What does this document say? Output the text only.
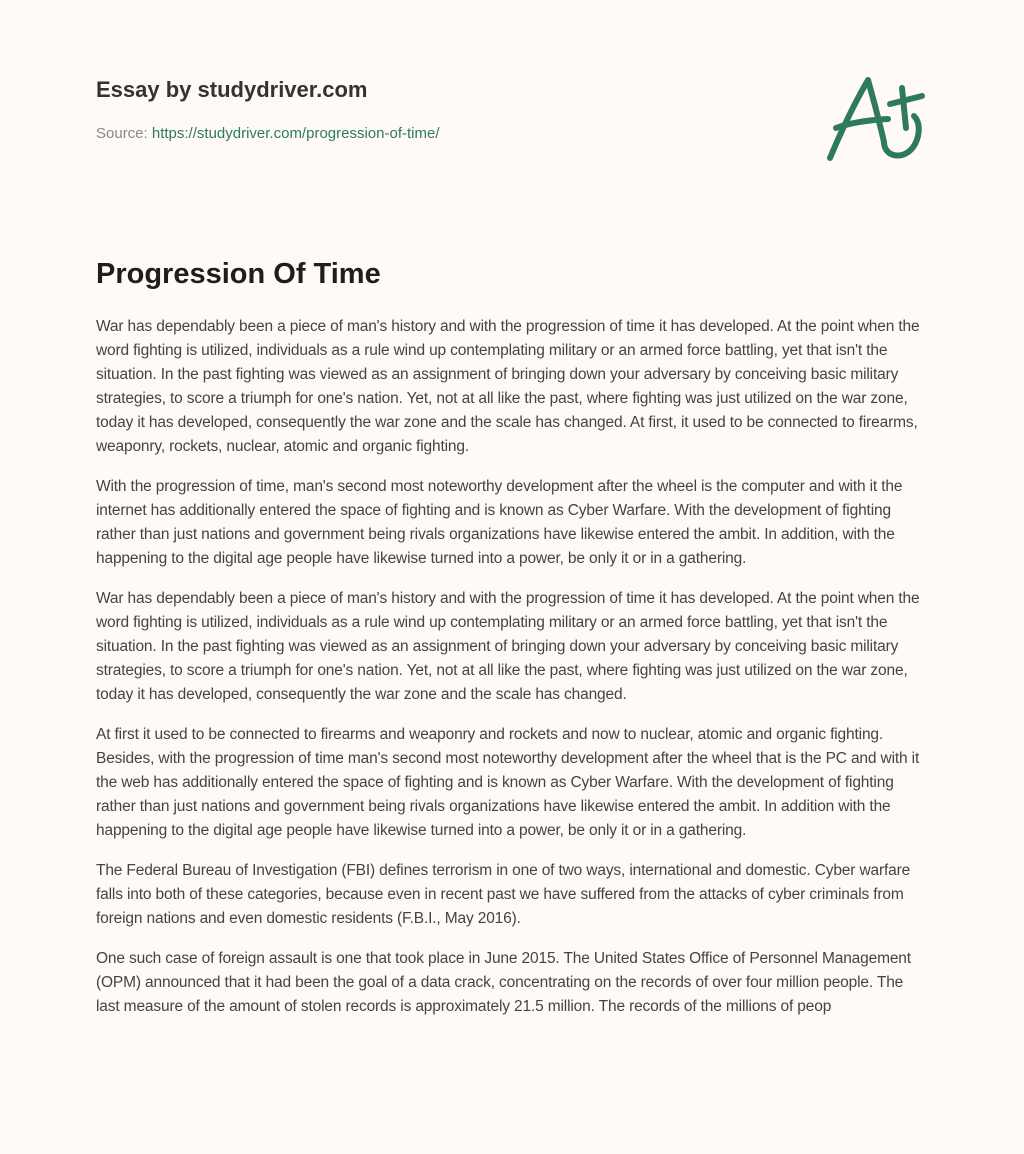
Essay by studydriver.com
Source: https://studydriver.com/progression-of-time/
Progression Of Time

War has dependably been a piece of man's history and with the progression of time it has developed. At the point when the word fighting is utilized, individuals as a rule wind up contemplating military or an armed force battling, yet that isn't the situation. In the past fighting was viewed as an assignment of bringing down your adversary by conceiving basic military strategies, to score a triumph for one's nation. Yet, not at all like the past, where fighting was just utilized on the war zone, today it has developed, consequently the war zone and the scale has changed. At first, it used to be connected to firearms, weaponry, rockets, nuclear, atomic and organic fighting.

With the progression of time, man's second most noteworthy development after the wheel is the computer and with it the internet has additionally entered the space of fighting and is known as Cyber Warfare. With the development of fighting rather than just nations and government being rivals organizations have likewise entered the ambit. In addition, with the happening to the digital age people have likewise turned into a power, be only it or in a gathering.

War has dependably been a piece of man's history and with the progression of time it has developed. At the point when the word fighting is utilized, individuals as a rule wind up contemplating military or an armed force battling, yet that isn't the situation. In the past fighting was viewed as an assignment of bringing down your adversary by conceiving basic military strategies, to score a triumph for one's nation. Yet, not at all like the past, where fighting was just utilized on the war zone, today it has developed, consequently the war zone and the scale has changed.

At first it used to be connected to firearms and weaponry and rockets and now to nuclear, atomic and organic fighting. Besides, with the progression of time man's second most noteworthy development after the wheel that is the PC and with it the web has additionally entered the space of fighting and is known as Cyber Warfare. With the development of fighting rather than just nations and government being rivals organizations have likewise entered the ambit. In addition with the happening to the digital age people have likewise turned into a power, be only it or in a gathering.

The Federal Bureau of Investigation (FBI) defines terrorism in one of two ways, international and domestic. Cyber warfare falls into both of these categories, because even in recent past we have suffered from the attacks of cyber criminals from foreign nations and even domestic residents (F.B.I., May 2016).

One such case of foreign assault is one that took place in June 2015. The United States Office of Personnel Management (OPM) announced that it had been the goal of a data crack, concentrating on the records of over four million people. The last measure of the amount of stolen records is approximately 21.5 million. The records of the millions of peop
